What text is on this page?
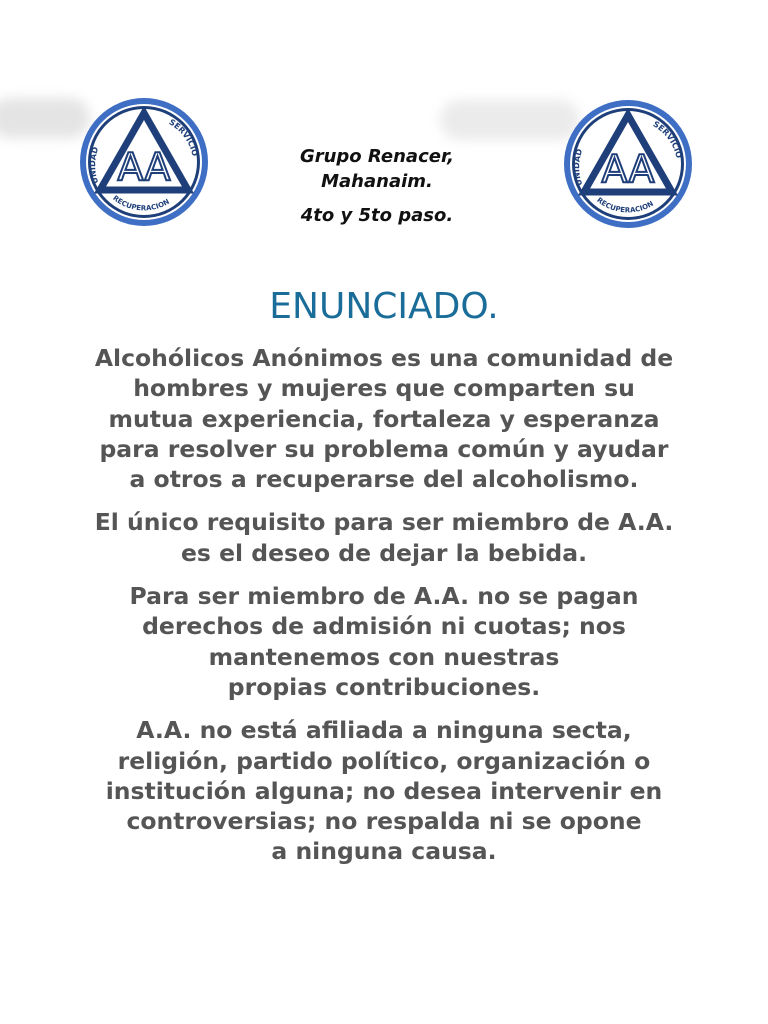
UNIDAD
SERVICIO
RECUPERACION
AA	UNIDAD
SERVICIO
RECUPERACION
AA
Grupo Renacer,
Mahanaim.
4to y 5to paso.
ENUNCIADO.

Alcohólicos Anónimos es una comunidad de
hombres y mujeres que comparten su
mutua experiencia, fortaleza y esperanza
para resolver su problema común y ayudar
a otros a recuperarse del alcoholismo.

El único requisito para ser miembro de A.A.
es el deseo de dejar la bebida.

Para ser miembro de A.A. no se pagan
derechos de admisión ni cuotas; nos
mantenemos con nuestras
propias contribuciones.

A.A. no está afiliada a ninguna secta,
religión, partido político, organización o
institución alguna; no desea intervenir en
controversias; no respalda ni se opone
a ninguna causa.
